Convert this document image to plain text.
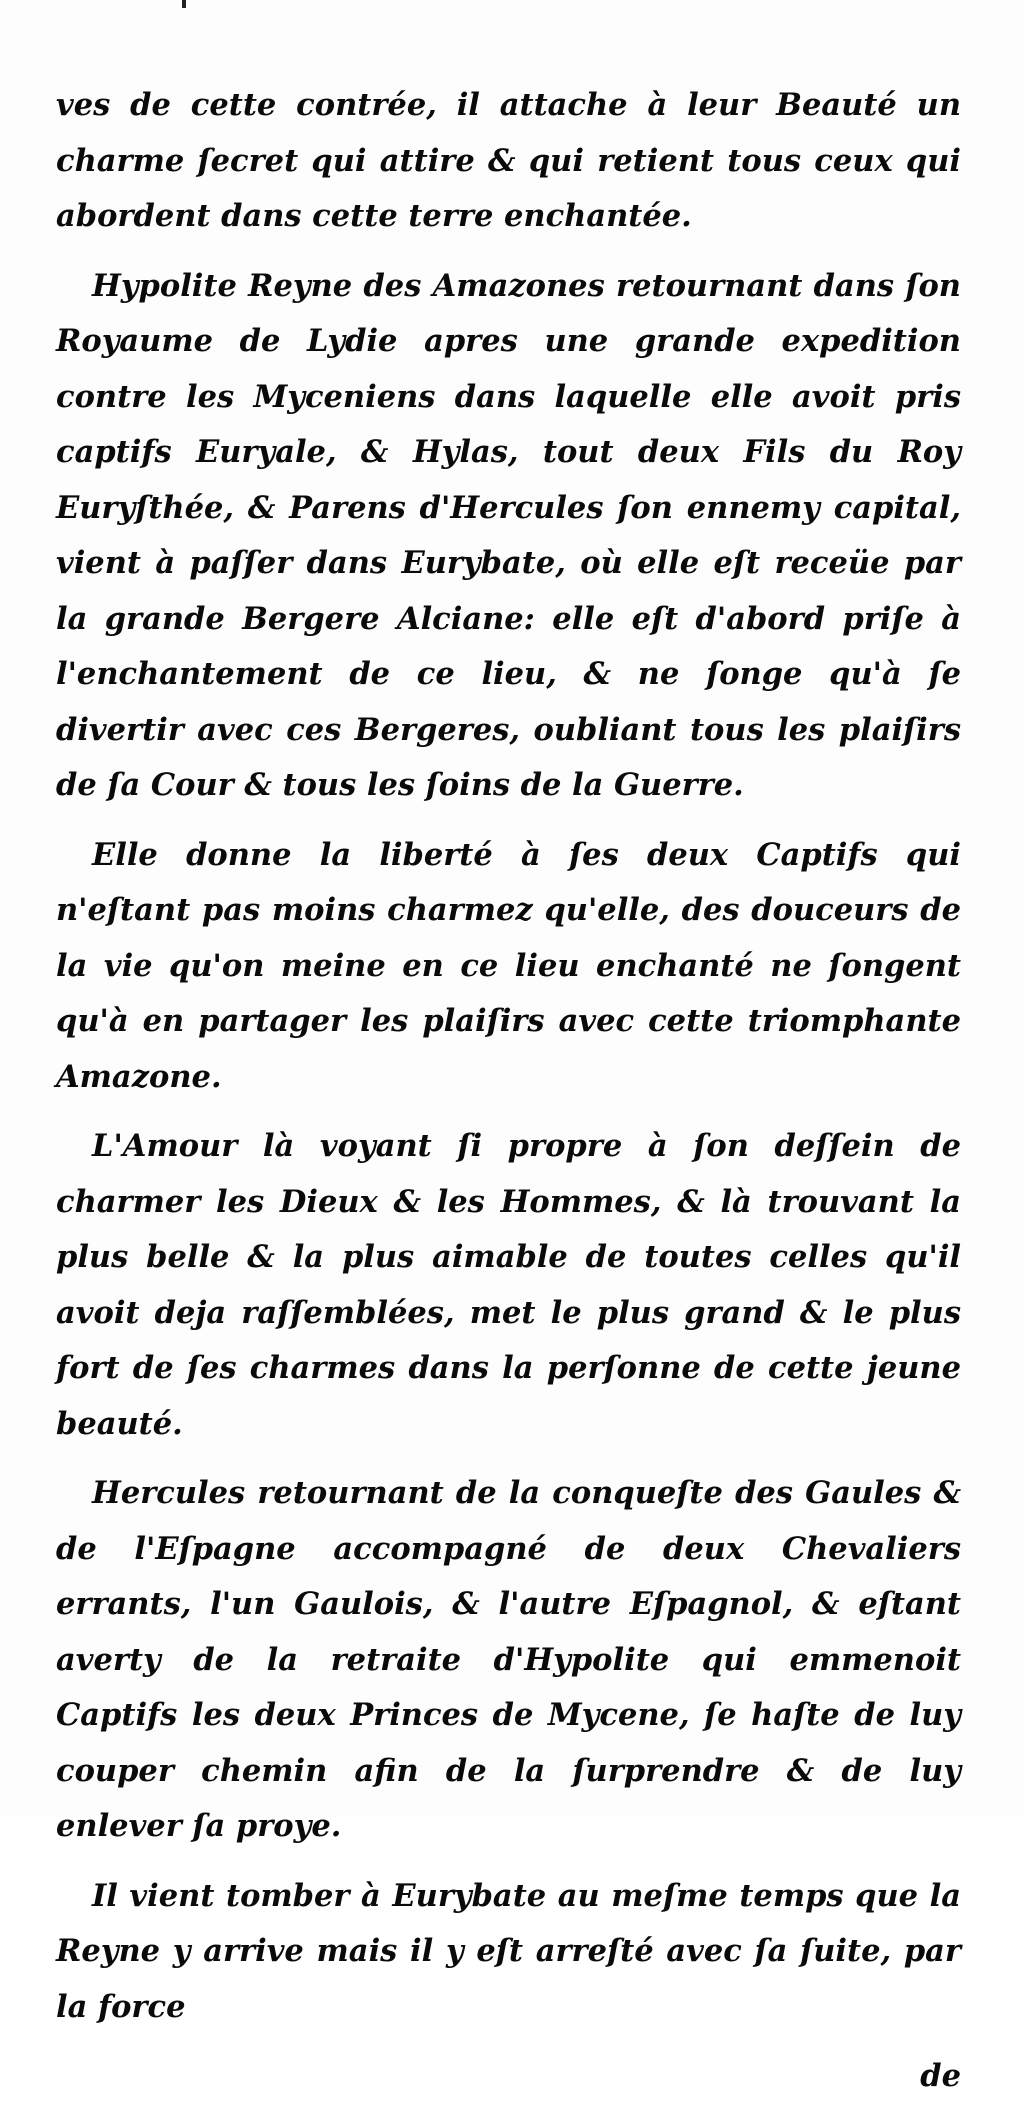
ves de cette contrée, il attache à leur Beauté un charme ſecret qui attire & qui retient tous ceux qui abordent dans cette terre enchantée.

Hypolite Reyne des Amazones retournant dans ſon Royaume de Lydie apres une grande expedition contre les Myceniens dans laquelle elle avoit pris captifs Euryale, & Hylas, tout deux Fils du Roy Euryſthée, & Parens d'Hercules ſon ennemy capital, vient à paſſer dans Eurybate, où elle eſt receüe par la grande Bergere Alciane: elle eſt d'abord priſe à l'enchantement de ce lieu, & ne ſonge qu'à ſe divertir avec ces Bergeres, oubliant tous les plaiſirs de ſa Cour & tous les ſoins de la Guerre.

Elle donne la liberté à ſes deux Captifs qui n'eſtant pas moins charmez qu'elle, des douceurs de la vie qu'on meine en ce lieu enchanté ne ſongent qu'à en partager les plaiſirs avec cette triomphante Amazone.

L'Amour là voyant ſi propre à ſon deſſein de charmer les Dieux & les Hommes, & là trouvant la plus belle & la plus aimable de toutes celles qu'il avoit deja raſſemblées, met le plus grand & le plus fort de ſes charmes dans la perſonne de cette jeune beauté.

Hercules retournant de la conqueſte des Gaules & de l'Eſpagne accompagné de deux Chevaliers errants, l'un Gaulois, & l'autre Eſpagnol, & eſtant averty de la retraite d'Hypolite qui emmenoit Captifs les deux Princes de Mycene, ſe haſte de luy couper chemin afin de la ſurprendre & de luy enlever ſa proye.

Il vient tomber à Eurybate au meſme temps que la Reyne y arrive mais il y eſt arreſté avec ſa ſuite, par la force

de
